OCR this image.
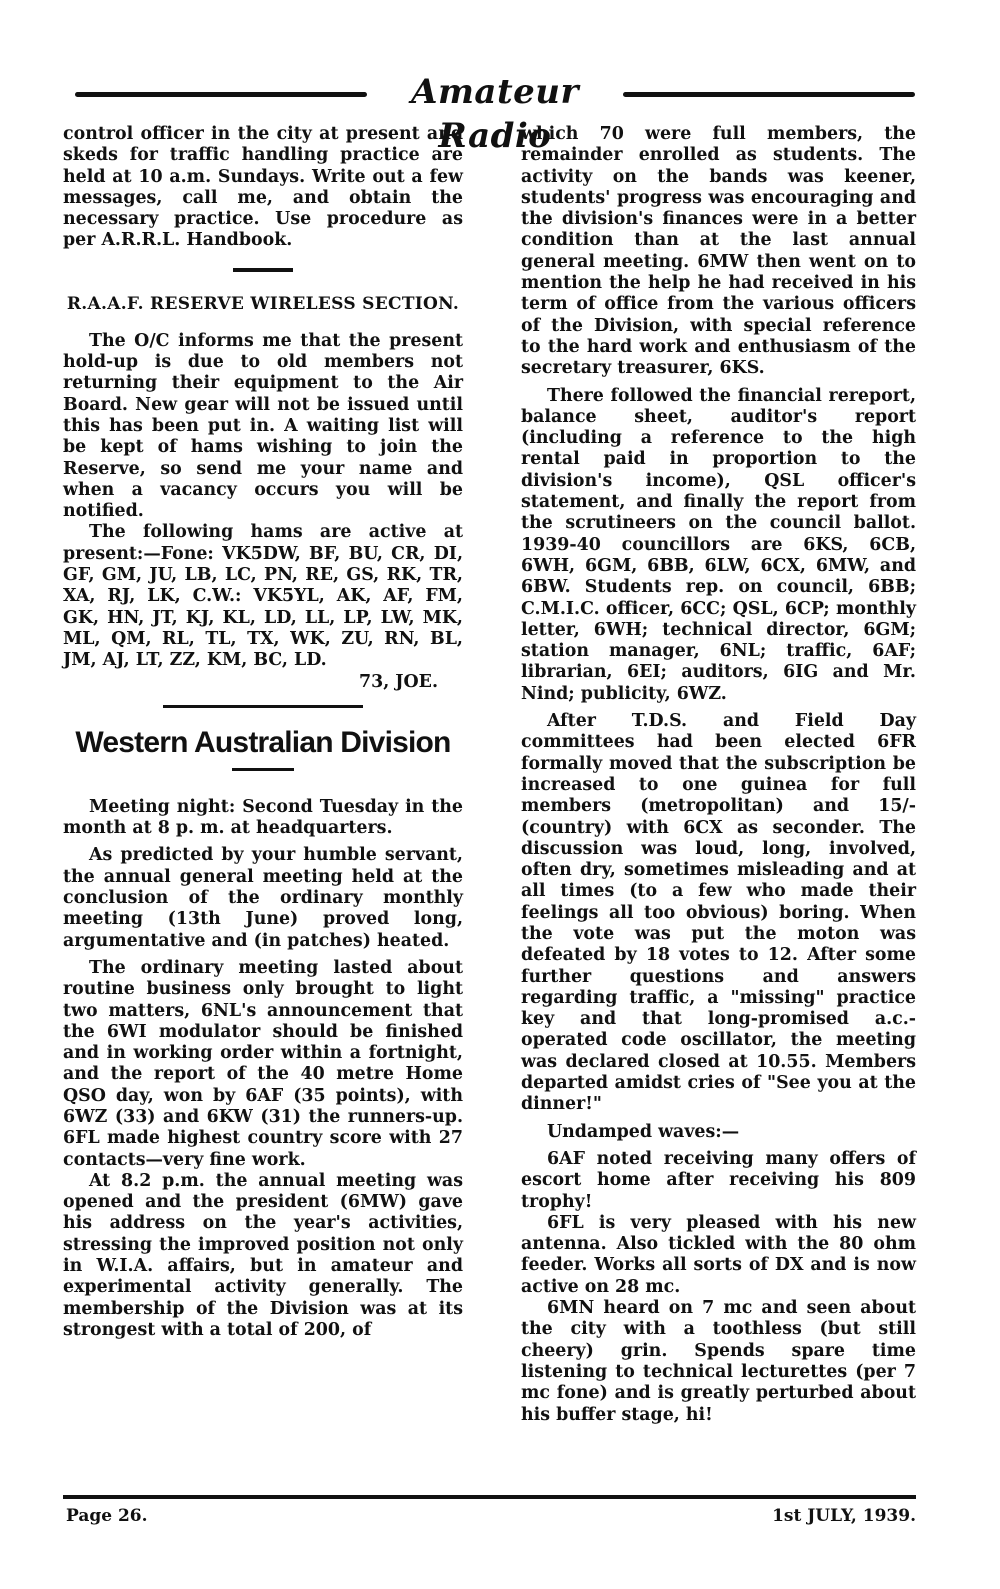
Amateur Radio

control officer in the city at present and skeds for traffic handling practice are held at 10 a.m. Sundays. Write out a few messages, call me, and obtain the necessary practice. Use procedure as per A.R.R.L. Handbook.

R.A.A.F. RESERVE WIRELESS SECTION.

The O/C informs me that the present hold-up is due to old members not returning their equipment to the Air Board. New gear will not be issued until this has been put in. A waiting list will be kept of hams wishing to join the Reserve, so send me your name and when a vacancy occurs you will be notified.

The following hams are active at present:—Fone: VK5DW, BF, BU, CR, DI, GF, GM, JU, LB, LC, PN, RE, GS, RK, TR, XA, RJ, LK, C.W.: VK5YL, AK, AF, FM, GK, HN, JT, KJ, KL, LD, LL, LP, LW, MK, ML, QM, RL, TL, TX, WK, ZU, RN, BL, JM, AJ, LT, ZZ, KM, BC, LD.

73, JOE.

Western Australian Division

Meeting night: Second Tuesday in the month at 8 p. m. at headquarters.

As predicted by your humble servant, the annual general meeting held at the conclusion of the ordinary monthly meeting (13th June) proved long, argumentative and (in patches) heated.

The ordinary meeting lasted about routine business only brought to light two matters, 6NL's announcement that the 6WI modulator should be finished and in working order within a fortnight, and the report of the 40 metre Home QSO day, won by 6AF (35 points), with 6WZ (33) and 6KW (31) the runners-up. 6FL made highest country score with 27 contacts—very fine work.

At 8.2 p.m. the annual meeting was opened and the president (6MW) gave his address on the year's activities, stressing the improved position not only in W.I.A. affairs, but in amateur and experimental activity generally. The membership of the Division was at its strongest with a total of 200, of

which 70 were full members, the remainder enrolled as students. The activity on the bands was keener, students' progress was encouraging and the division's finances were in a better condition than at the last annual general meeting. 6MW then went on to mention the help he had received in his term of office from the various officers of the Division, with special reference to the hard work and enthusiasm of the secretary treasurer, 6KS.

There followed the financial rereport, balance sheet, auditor's report (including a reference to the high rental paid in proportion to the division's income), QSL officer's statement, and finally the report from the scrutineers on the council ballot. 1939-40 councillors are 6KS, 6CB, 6WH, 6GM, 6BB, 6LW, 6CX, 6MW, and 6BW. Students rep. on council, 6BB; C.M.I.C. officer, 6CC; QSL, 6CP; monthly letter, 6WH; technical director, 6GM; station manager, 6NL; traffic, 6AF; librarian, 6EI; auditors, 6IG and Mr. Nind; publicity, 6WZ.

After T.D.S. and Field Day committees had been elected 6FR formally moved that the subscription be increased to one guinea for full members (metropolitan) and 15/- (country) with 6CX as seconder. The discussion was loud, long, involved, often dry, sometimes misleading and at all times (to a few who made their feelings all too obvious) boring. When the vote was put the moton was defeated by 18 votes to 12. After some further questions and answers regarding traffic, a "missing" practice key and that long-promised a.c.-operated code oscillator, the meeting was declared closed at 10.55. Members departed amidst cries of "See you at the dinner!"

Undamped waves:—

6AF noted receiving many offers of escort home after receiving his 809 trophy!

6FL is very pleased with his new antenna. Also tickled with the 80 ohm feeder. Works all sorts of DX and is now active on 28 mc.

6MN heard on 7 mc and seen about the city with a toothless (but still cheery) grin. Spends spare time listening to technical lecturettes (per 7 mc fone) and is greatly perturbed about his buffer stage, hi!

Page 26.	1st JULY, 1939.
